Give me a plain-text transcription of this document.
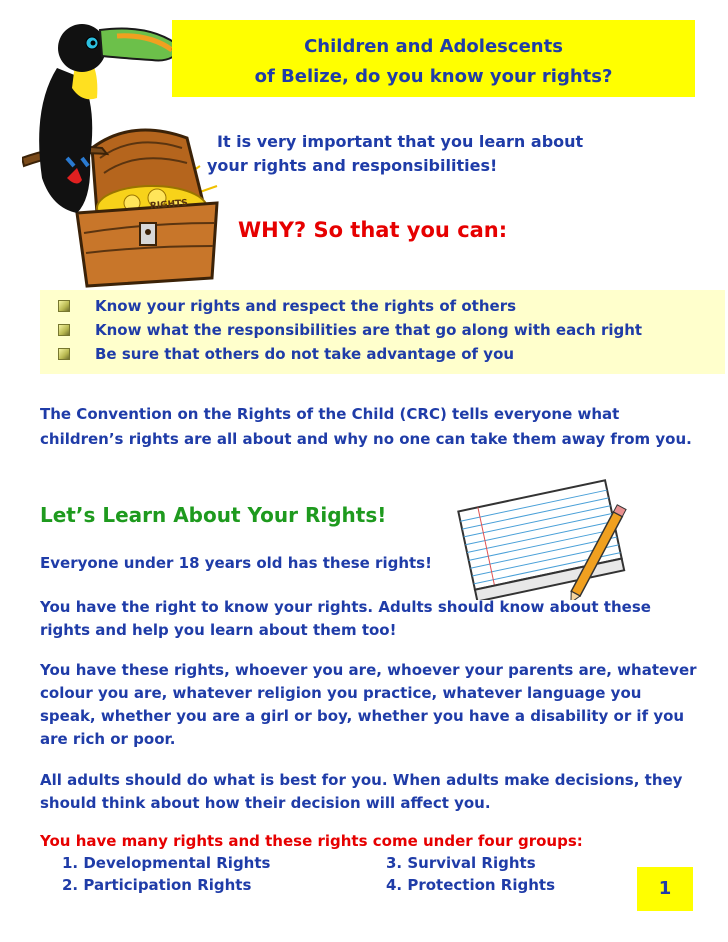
RIGHTS
Children and Adolescents
of Belize, do you know your rights?
It is very important that you learn about
your rights and responsibilities!
WHY? So that you can:
Know your rights and respect the rights of others
Know what the responsibilities are that go along with each right
Be sure that others do not take advantage of you
The Convention on the Rights of the Child (CRC) tells everyone what children’s rights are all about and why no one can take them away from you.
Let’s Learn About Your Rights!
Everyone under 18 years old has these rights!
You have the right to know your rights. Adults should know about these rights and help you learn about them too!
You have these rights, whoever you are, whoever your parents are, whatever colour you are, whatever religion you practice, whatever language you speak, whether you are a girl or boy, whether you have a disability or if you are rich or poor.
All adults should do what is best for you. When adults make decisions, they should think about how their decision will affect you.
You have many rights and these rights come under four groups:
1. Developmental Rights
2. Participation Rights
3. Survival Rights
4. Protection Rights	1
